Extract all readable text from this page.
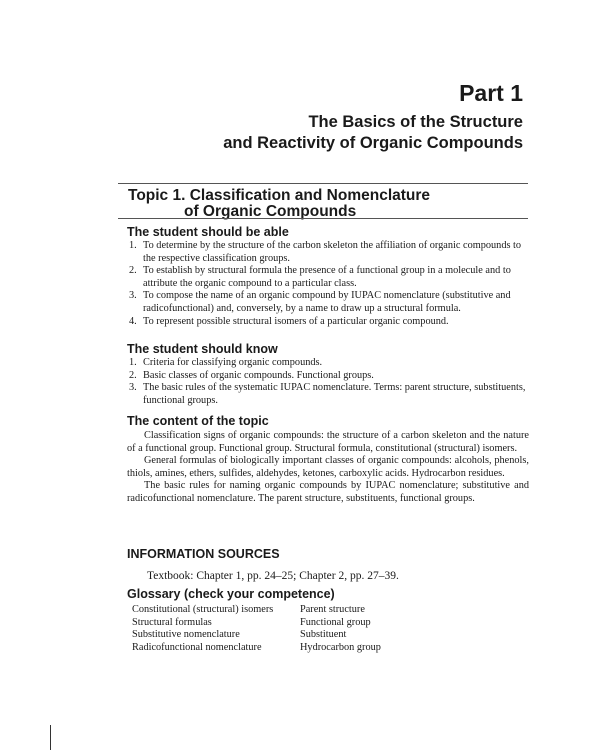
Part 1
The Basics of the Structure
and Reactivity of Organic Compounds
Topic 1. Classification and Nomenclature
of Organic Compounds
The student should be able
1. To determine by the structure of the carbon skeleton the affiliation of organic compounds to the respective classification groups.
2. To establish by structural formula the presence of a functional group in a molecule and to attribute the organic compound to a particular class.
3. To compose the name of an organic compound by IUPAC nomenclature (substitutive and radicofunctional) and, conversely, by a name to draw up a structural formula.
4. To represent possible structural isomers of a particular organic compound.
The student should know
1. Criteria for classifying organic compounds.
2. Basic classes of organic compounds. Functional groups.
3. The basic rules of the systematic IUPAC nomenclature. Terms: parent structure, substituents, functional groups.
The content of the topic

Classification signs of organic compounds: the structure of a carbon skeleton and the nature of a functional group. Functional group. Structural formula, constitutional (structural) isomers.

General formulas of biologically important classes of organic compounds: alcohols, phenols, thiols, amines, ethers, sulfides, aldehydes, ketones, carboxylic acids. Hydrocarbon residues.

The basic rules for naming organic compounds by IUPAC nomenclature; substitutive and radicofunctional nomenclature. The parent structure, substituents, functional groups.

INFORMATION SOURCES
Textbook: Chapter 1, pp. 24–25; Chapter 2, pp. 27–39.
Glossary (check your competence)
Constitutional (structural) isomers
Structural formulas
Substitutive nomenclature
Radicofunctional nomenclature
Parent structure
Functional group
Substituent
Hydrocarbon group
